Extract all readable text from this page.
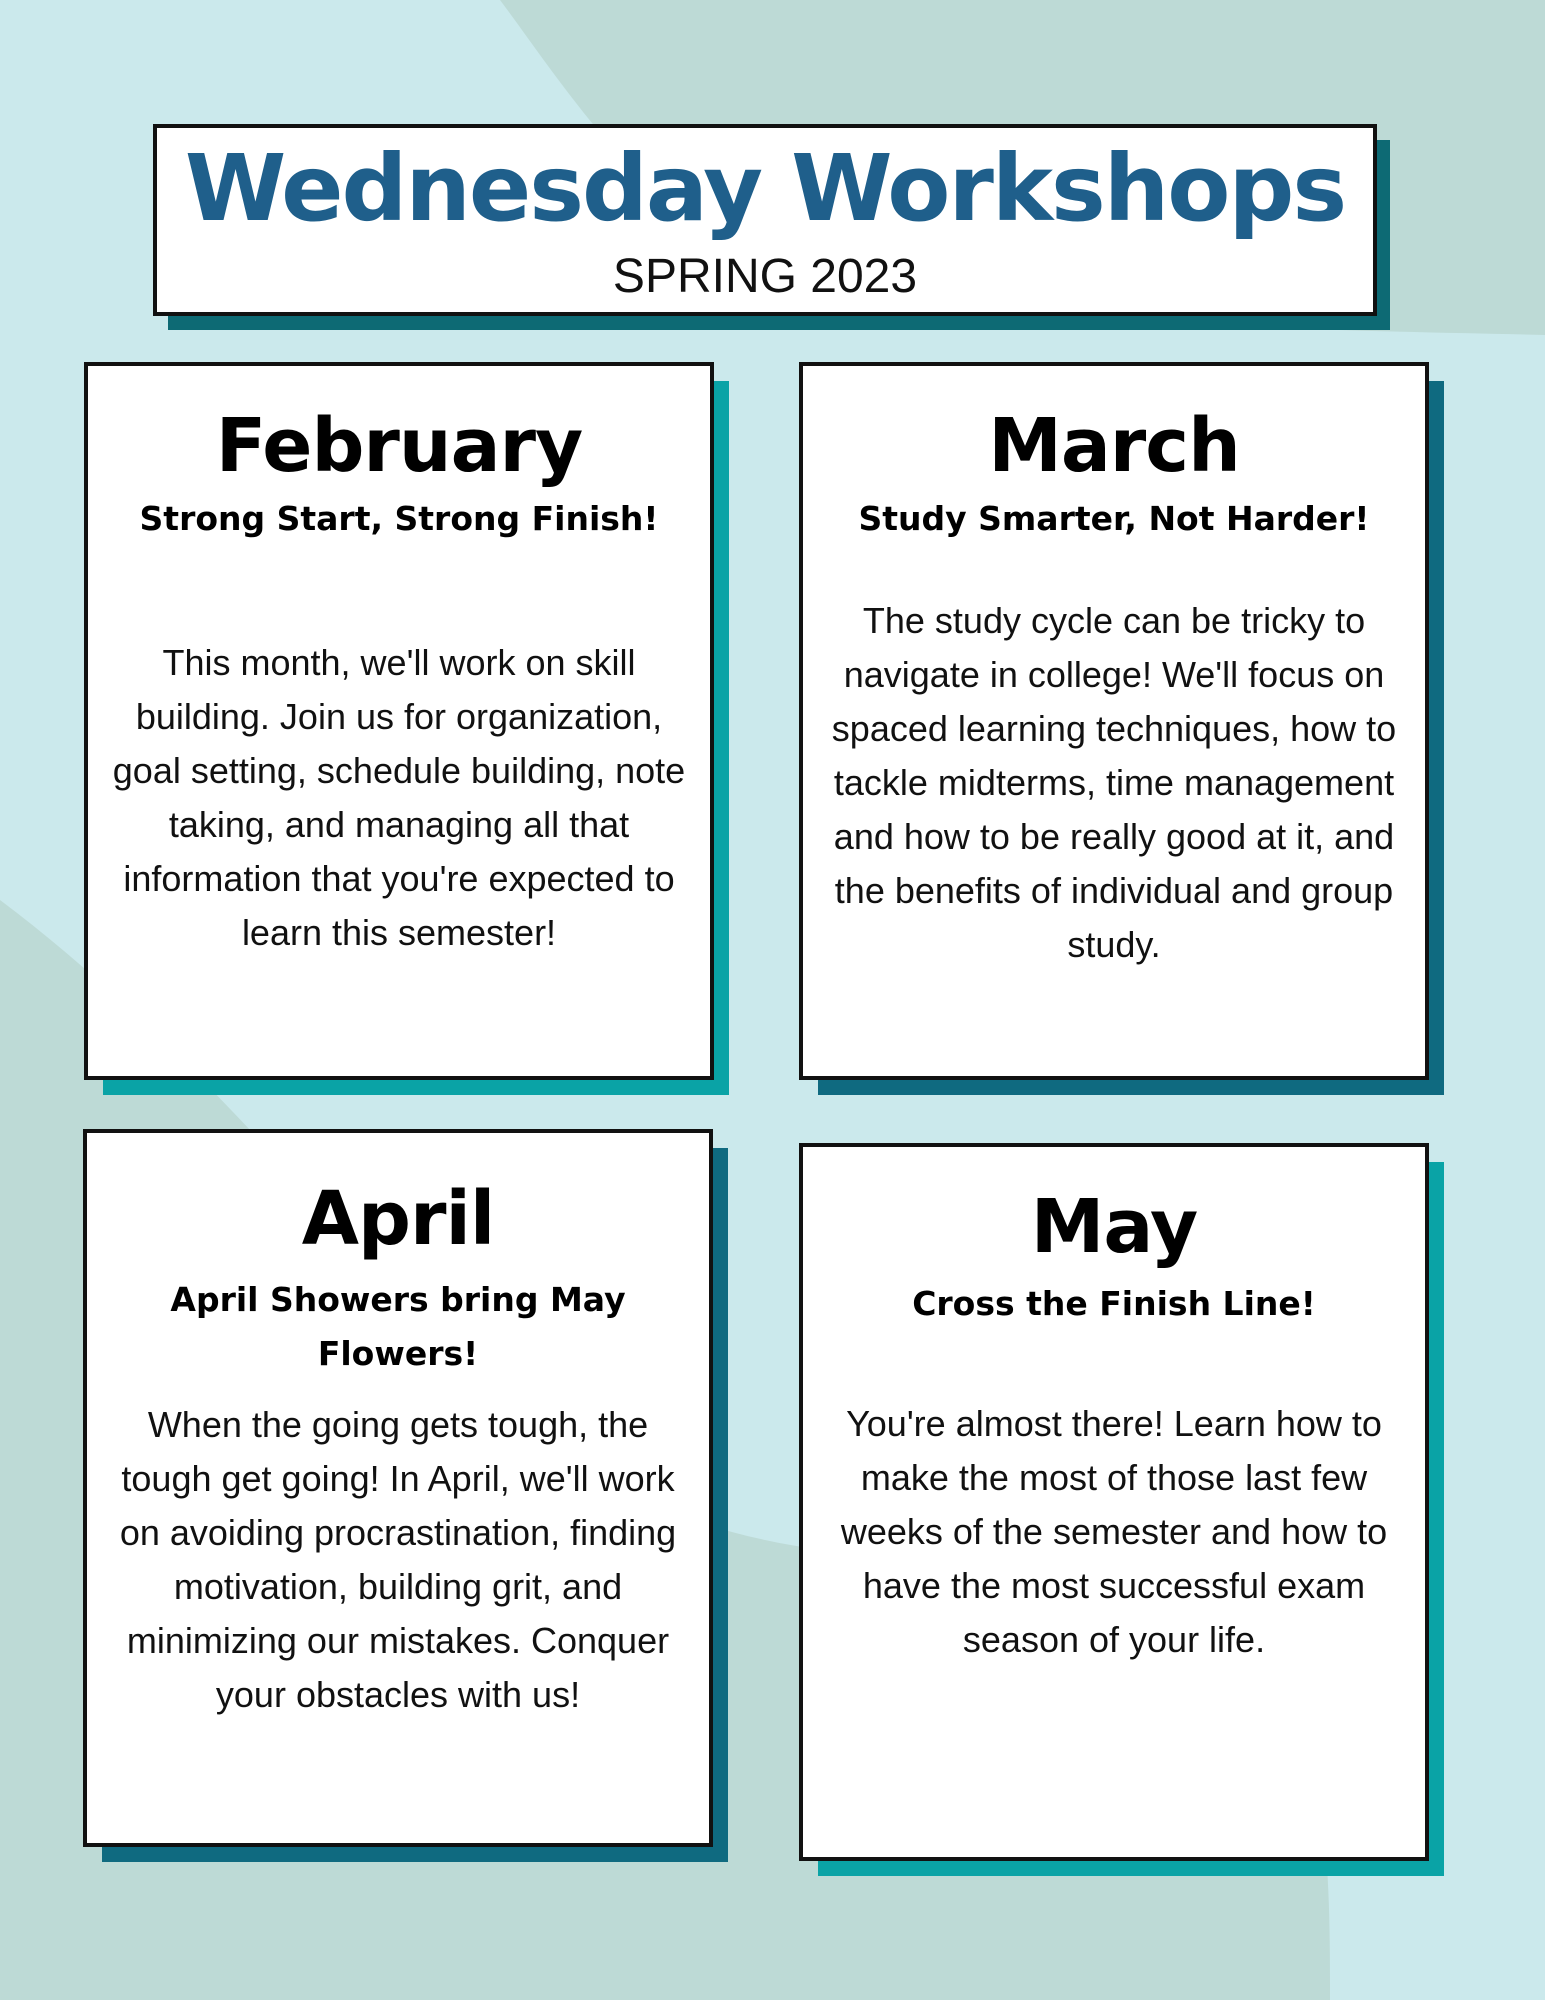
Wednesday Workshops
SPRING 2023
February
Strong Start, Strong Finish!
This month, we'll work on skill building. Join us for organization, goal setting, schedule building, note taking, and managing all that information that you're expected to learn this semester!
March
Study Smarter, Not Harder!
The study cycle can be tricky to navigate in college! We'll focus on spaced learning techniques, how to tackle midterms, time management and how to be really good at it, and the benefits of individual and group study.
April
April Showers bring May Flowers!
When the going gets tough, the tough get going! In April, we'll work on avoiding procrastination, finding motivation, building grit, and minimizing our mistakes. Conquer your obstacles with us!
May
Cross the Finish Line!
You're almost there! Learn how to make the most of those last few weeks of the semester and how to have the most successful exam season of your life.
